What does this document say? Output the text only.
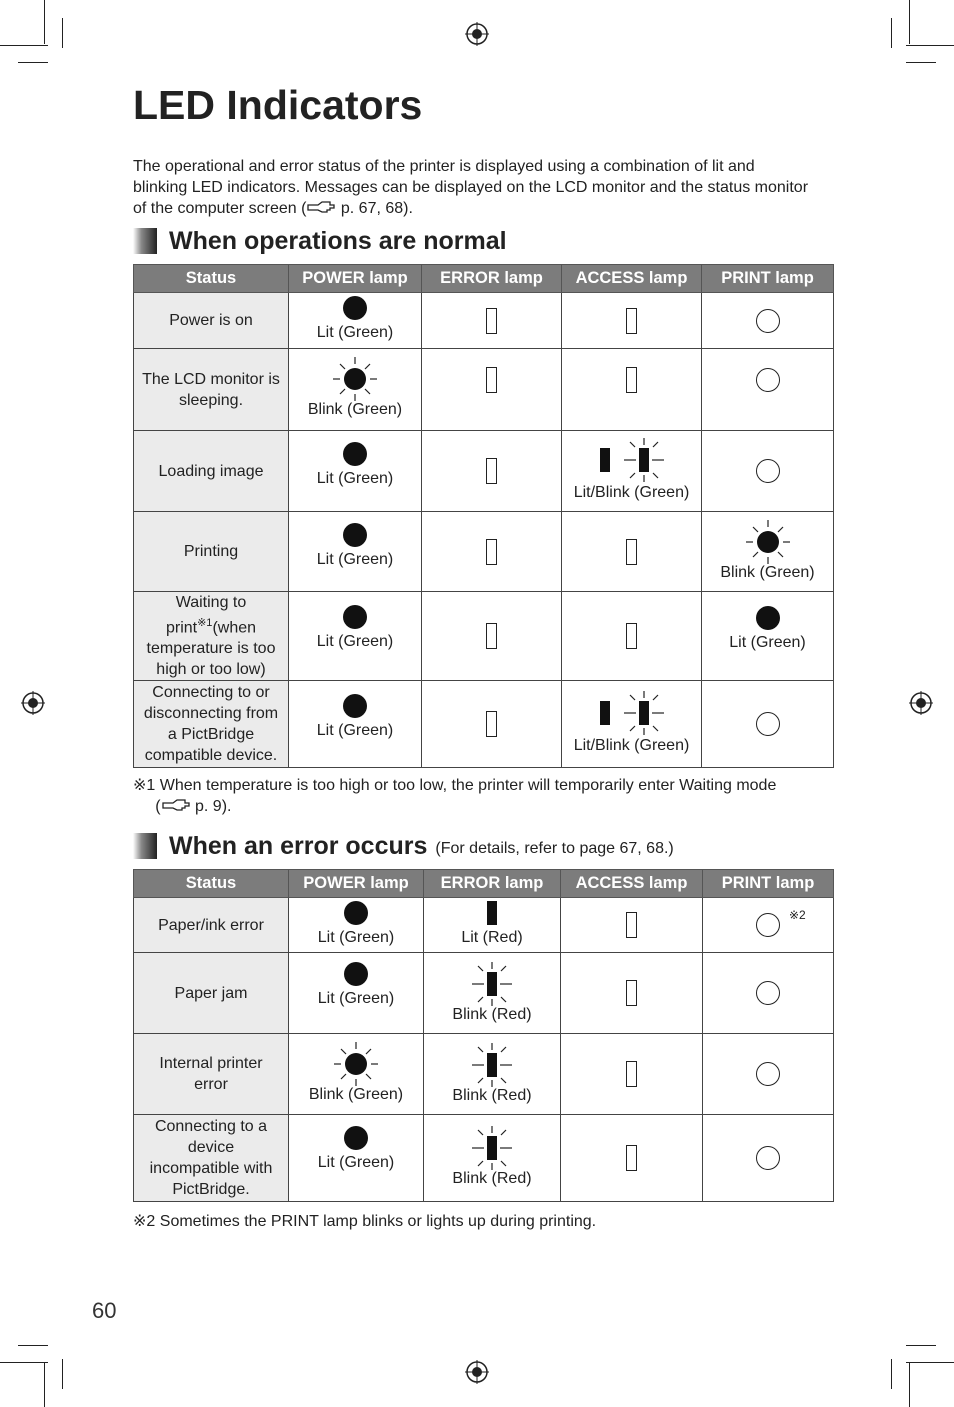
LED Indicators

The operational and error status of the printer is displayed using a combination of lit and blinking LED indicators. Messages can be displayed on the LCD monitor and the status monitor of the computer screen ( p. 67, 68).

When operations are normal
Status	POWER lamp	ERROR lamp	ACCESS lamp	PRINT lamp
Power is on	Lit (Green)			

The LCD monitor is sleeping.	Blink (Green)			

Loading image	Lit (Green)		Lit/Blink (Green)	

Printing	Lit (Green)			Blink (Green)

Waiting to print$^{※1}$(when temperature is too high or too low)	Lit (Green)			Lit (Green)

Connecting to or disconnecting from a PictBridge compatible device.	Lit (Green)		Lit/Blink (Green)	

※1 When temperature is too high or too low, the printer will temporarily enter Waiting mode
( p. 9).

When an error occurs (For details, refer to page 67, 68.)
Status	POWER lamp	ERROR lamp	ACCESS lamp	PRINT lamp
Paper/ink error	Lit (Green)	Lit (Red)		※2

Paper jam	Lit (Green)	Blink (Red)		

Internal printer error	Blink (Green)	Blink (Red)		

Connecting to a device incompatible with PictBridge.	Lit (Green)	Blink (Red)		

※2 Sometimes the PRINT lamp blinks or lights up during printing.

60
